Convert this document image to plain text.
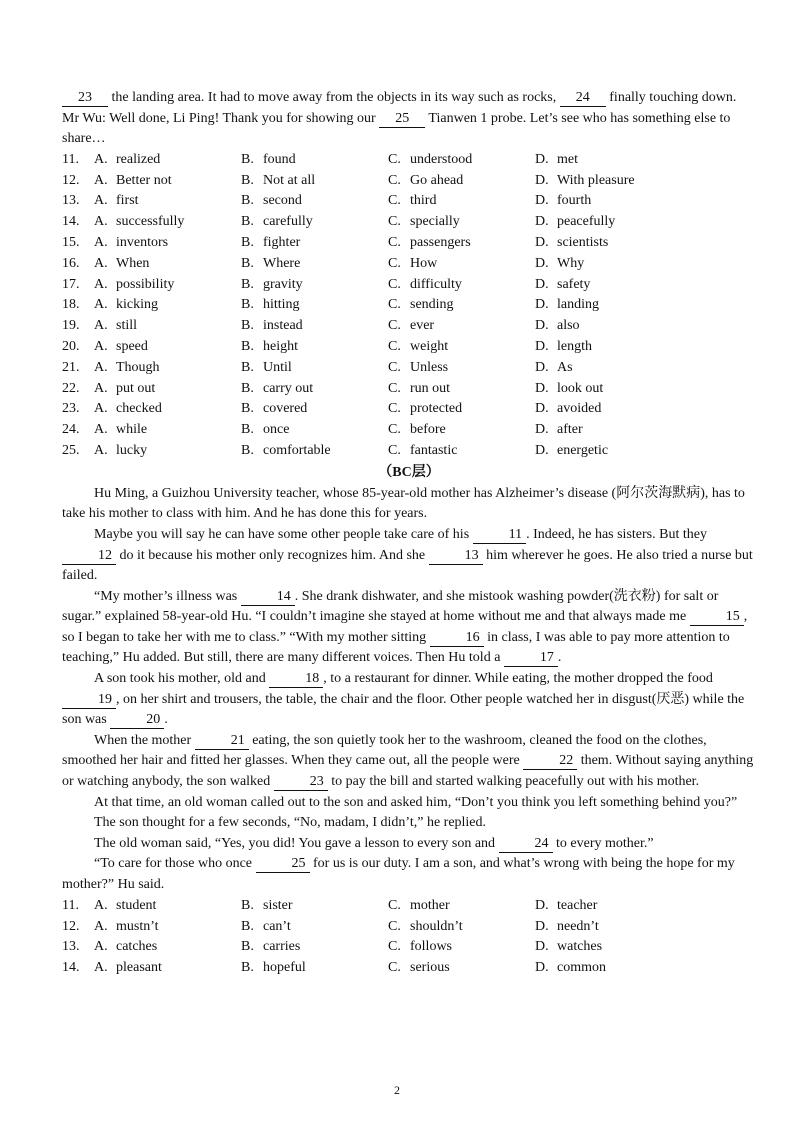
23 the landing area. It had to move away from the objects in its way such as rocks, 24 finally touching down.

Mr Wu: Well done, Li Ping! Thank you for showing our 25 Tianwen 1 probe. Let’s see who has something else to share…

11.	A. realized	B. found	C. understood	D. met
12.	A. Better not	B. Not at all	C. Go ahead	D. With pleasure
13.	A. first	B. second	C. third	D. fourth
14.	A. successfully	B. carefully	C. specially	D. peacefully
15.	A. inventors	B. fighter	C. passengers	D. scientists
16.	A. When	B. Where	C. How	D. Why
17.	A. possibility	B. gravity	C. difficulty	D. safety
18.	A. kicking	B. hitting	C. sending	D. landing
19.	A. still	B. instead	C. ever	D. also
20.	A. speed	B. height	C. weight	D. length
21.	A. Though	B. Until	C. Unless	D. As
22.	A. put out	B. carry out	C. run out	D. look out
23.	A. checked	B. covered	C. protected	D. avoided
24.	A. while	B. once	C. before	D. after
25.	A. lucky	B. comfortable	C. fantastic	D. energetic
（BC层）

Hu Ming, a Guizhou University teacher, whose 85-year-old mother has Alzheimer’s disease (阿尔茨海默病), has to take his mother to class with him. And he has done this for years.

Maybe you will say he can have some other people take care of his	11 . Indeed, he has sisters. But they 12 do it because his mother only recognizes him. And she	13 him wherever he goes. He also tried a nurse but failed.

“My mother’s illness was	14 . She drank dishwater, and she mistook washing powder(洗衣粉) for salt or sugar.” explained 58-year-old Hu. “I couldn’t imagine she stayed at home without me and that always made me	15 , so I began to take her with me to class.” “With my mother sitting	16 in class, I was able to pay more attention to teaching,” Hu added. But still, there are many different voices. Then Hu told a	17 .

A son took his mother, old and	18 , to a restaurant for dinner. While eating, the mother dropped the food 19 , on her shirt and trousers, the table, the chair and the floor. Other people watched her in disgust(厌恶) while the son was	20 .

When the mother	21 eating, the son quietly took her to the washroom, cleaned the food on the clothes, smoothed her hair and fitted her glasses. When they came out, all the people were	22 them. Without saying anything or watching anybody, the son walked	23 to pay the bill and started walking peacefully out with his mother.

At that time, an old woman called out to the son and asked him, “Don’t you think you left something behind you?”

The son thought for a few seconds, “No, madam, I didn’t,” he replied.

The old woman said, “Yes, you did! You gave a lesson to every son and	24 to every mother.”

“To care for those who once	25 for us is our duty. I am a son, and what’s wrong with being the hope for my mother?” Hu said.

11.	A. student	B. sister	C. mother	D. teacher
12.	A. mustn’t	B. can’t	C. shouldn’t	D. needn’t
13.	A. catches	B. carries	C. follows	D. watches
14.	A. pleasant	B. hopeful	C. serious	D. common
2
